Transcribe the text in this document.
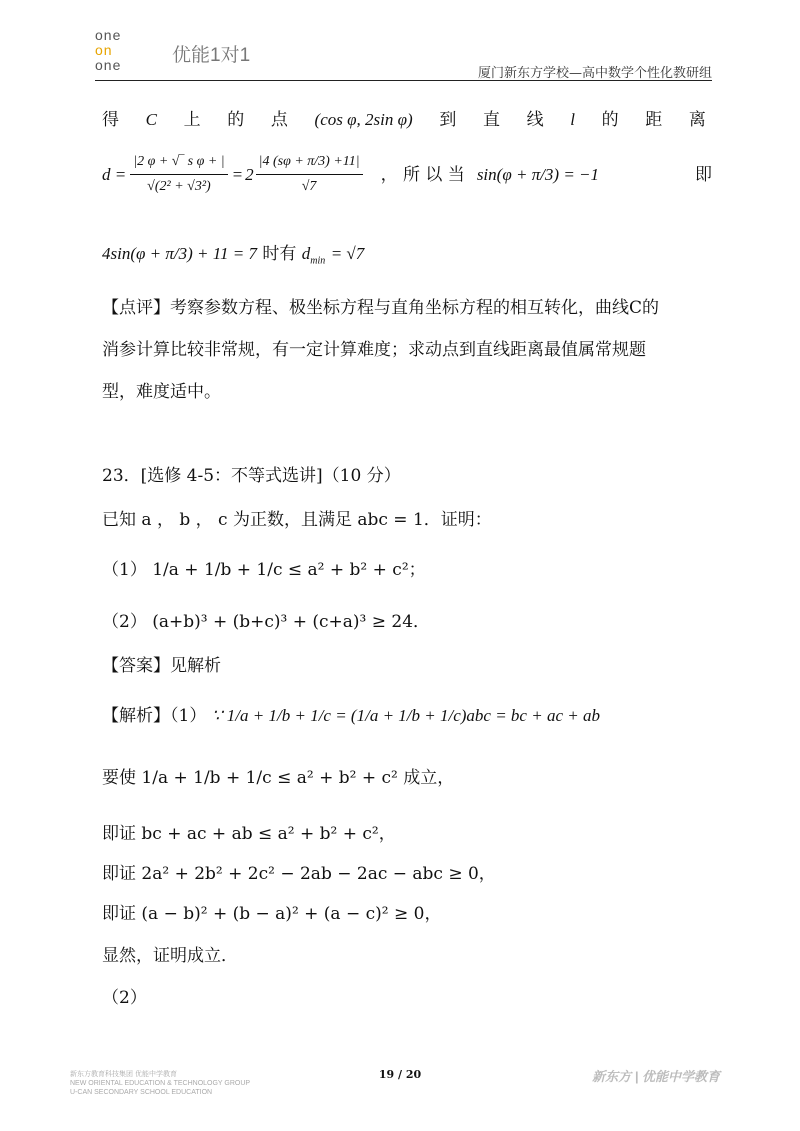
one
on
one	优能1对1
厦门新东方学校—高中数学个性化教研组
得 C 上 的 点 (cos φ, 2sin φ) 到 直 线 l 的 距 离
$d = \frac{\text{|2 φ + √‾ s φ + |}}{\text{√(2² + √3²)}} = 2 \frac{|4 (s\varphi + \pi/3) +11|}{√7}$ ， 所 以 当 sin(φ + π/3) = −1	即
4sin(φ + π/3) + 11 = 7 时有 $d_{min} = √7$
【点评】考察参数方程、极坐标方程与直角坐标方程的相互转化，曲线C的
消参计算比较非常规，有一定计算难度；求动点到直线距离最值属常规题
型，难度适中。
23．[选修 4-5：不等式选讲]（10 分）
已知 a ， b ， c 为正数，且满足 abc = 1．证明：
（1） 1/a + 1/b + 1/c ≤ a² + b² + c²；
（2） (a+b)³ + (b+c)³ + (c+a)³ ≥ 24．
【答案】见解析
【解析】（1） ∵ 1/a + 1/b + 1/c = (1/a + 1/b + 1/c)abc = bc + ac + ab
要使 1/a + 1/b + 1/c ≤ a² + b² + c² 成立，
即证 bc + ac + ab ≤ a² + b² + c²，
即证 2a² + 2b² + 2c² − 2ab − 2ac − abc ≥ 0，
即证 (a − b)² + (b − a)² + (a − c)² ≥ 0，
显然，证明成立．
（2）
新东方教育科技集团 优能中学教育
NEW ORIENTAL EDUCATION & TECHNOLOGY GROUP
U-CAN SECONDARY SCHOOL EDUCATION
19 / 20	新东方 | 优能中学教育
